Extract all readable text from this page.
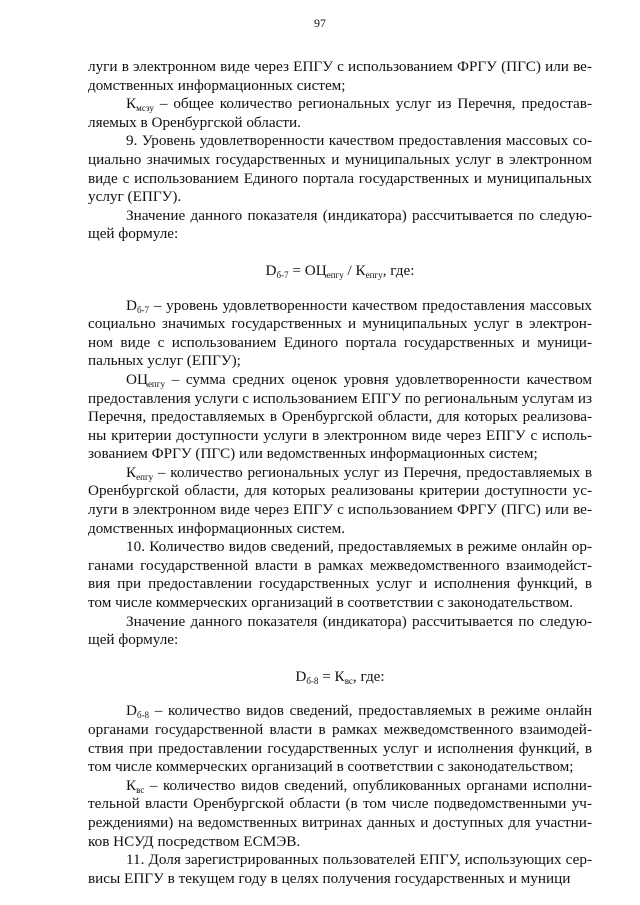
97

луги в электронном виде через ЕПГУ с использованием ФРГУ (ПГС) или ведомственных информационных систем;

$К_{мсзу}$ – общее количество региональных услуг из Перечня, предоставляемых в Оренбургской области.

9. Уровень удовлетворенности качеством предоставления массовых социально значимых государственных и муниципальных услуг в электронном виде с использованием Единого портала государственных и муниципальных услуг (ЕПГУ).

Значение данного показателя (индикатора) рассчитывается по следующей формуле:

$D_{б-7} = ОЦ_{епгу} / К_{епгу}$, где:

$D_{б-7}$ – уровень удовлетворенности качеством предоставления массовых социально значимых государственных и муниципальных услуг в электронном виде с использованием Единого портала государственных и муниципальных услуг (ЕПГУ);

$ОЦ_{епгу}$ – сумма средних оценок уровня удовлетворенности качеством предоставления услуги с использованием ЕПГУ по региональным услугам из Перечня, предоставляемых в Оренбургской области, для которых реализованы критерии доступности услуги в электронном виде через ЕПГУ с использованием ФРГУ (ПГС) или ведомственных информационных систем;

$К_{епгу}$ – количество региональных услуг из Перечня, предоставляемых в Оренбургской области, для которых реализованы критерии доступности услуги в электронном виде через ЕПГУ с использованием ФРГУ (ПГС) или ведомственных информационных систем.

10. Количество видов сведений, предоставляемых в режиме онлайн органами государственной власти в рамках межведомственного взаимодействия при предоставлении государственных услуг и исполнения функций, в том числе коммерческих организаций в соответствии с законодательством.

Значение данного показателя (индикатора) рассчитывается по следующей формуле:

$D_{б-8} = К_{вс}$, где:

$D_{б-8}$ – количество видов сведений, предоставляемых в режиме онлайн органами государственной власти в рамках межведомственного взаимодействия при предоставлении государственных услуг и исполнения функций, в том числе коммерческих организаций в соответствии с законодательством;

$К_{вс}$ – количество видов сведений, опубликованных органами исполнительной власти Оренбургской области (в том числе подведомственными учреждениями) на ведомственных витринах данных и доступных для участников НСУД посредством ЕСМЭВ.

11. Доля зарегистрированных пользователей ЕПГУ, использующих сервисы ЕПГУ в текущем году в целях получения государственных и муници
